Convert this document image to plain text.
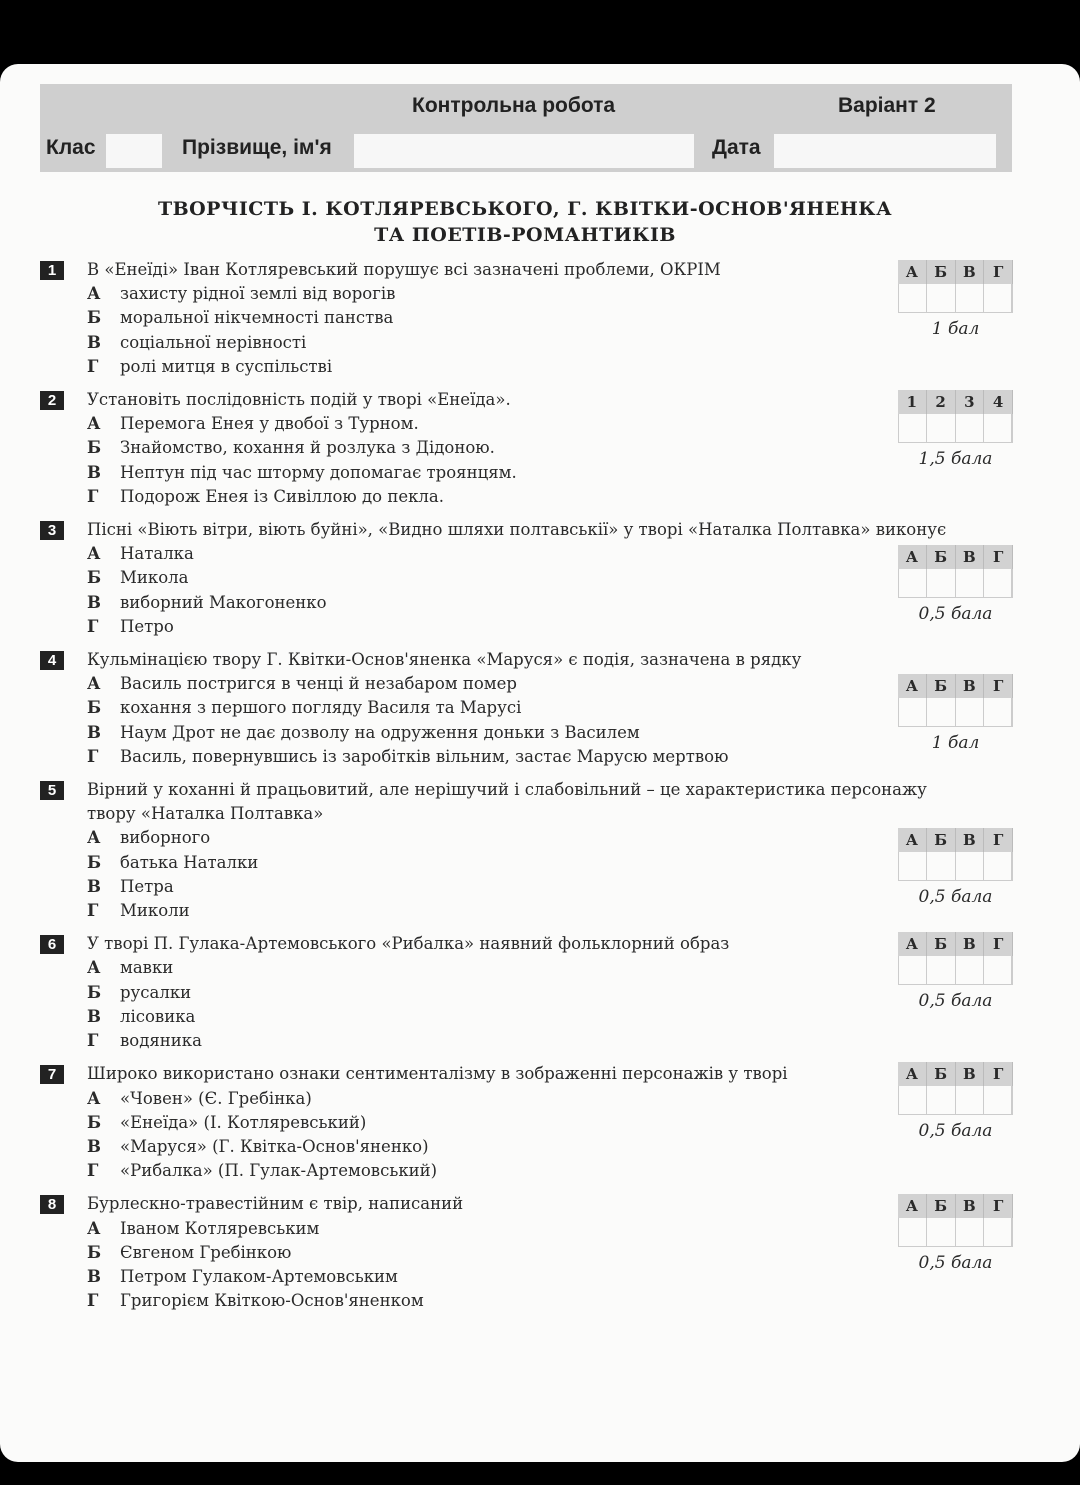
Контрольна робота	Варіант 2
Клас	Прізвище, ім'я	Дата
ТВОРЧІСТЬ І. КОТЛЯРЕВСЬКОГО, Г. КВІТКИ-ОСНОВ'ЯНЕНКА
ТА ПОЕТІВ-РОМАНТИКІВ
1	В «Енеїді» Іван Котляревський порушує всі зазначені проблеми, ОКРІМ
А	захисту рідної землі від ворогів
Б	моральної нікчемності панства
В	соціальної нерівності
Г	ролі митця в суспільстві
А	Б	В	Г
1 бал
2	Установіть послідовність подій у творі «Енеїда».
А	Перемога Енея у двобої з Турном.
Б	Знайомство, кохання й розлука з Дідоною.
В	Нептун під час шторму допомагає троянцям.
Г	Подорож Енея із Сивіллою до пекла.
1	2	3	4
1,5 бала
3	Пісні «Віють вітри, віють буйні», «Видно шляхи полтавськії» у творі «Наталка Полтавка» виконує
А	Наталка
Б	Микола
В	виборний Макогоненко
Г	Петро
А	Б	В	Г
0,5 бала
4	Кульмінацією твору Г. Квітки-Основ'яненка «Маруся» є подія, зазначена в рядку
А	Василь постригся в ченці й незабаром помер
Б	кохання з першого погляду Василя та Марусі
В	Наум Дрот не дає дозволу на одруження доньки з Василем
Г	Василь, повернувшись із заробітків вільним, застає Марусю мертвою
А	Б	В	Г
1 бал
5	Вірний у коханні й працьовитий, але нерішучий і слабовільний – це характеристика персонажу твору «Наталка Полтавка»
А	виборного
Б	батька Наталки
В	Петра
Г	Миколи
А	Б	В	Г
0,5 бала
6	У творі П. Гулака-Артемовського «Рибалка» наявний фольклорний образ
А	мавки
Б	русалки
В	лісовика
Г	водяника
А	Б	В	Г
0,5 бала
7	Широко використано ознаки сентименталізму в зображенні персонажів у творі
А	«Човен» (Є. Гребінка)
Б	«Енеїда» (І. Котляревський)
В	«Маруся» (Г. Квітка-Основ'яненко)
Г	«Рибалка» (П. Гулак-Артемовський)
А	Б	В	Г
0,5 бала
8	Бурлескно-травестійним є твір, написаний
А	Іваном Котляревським
Б	Євгеном Гребінкою
В	Петром Гулаком-Артемовським
Г	Григорієм Квіткою-Основ'яненком
А	Б	В	Г
0,5 бала
